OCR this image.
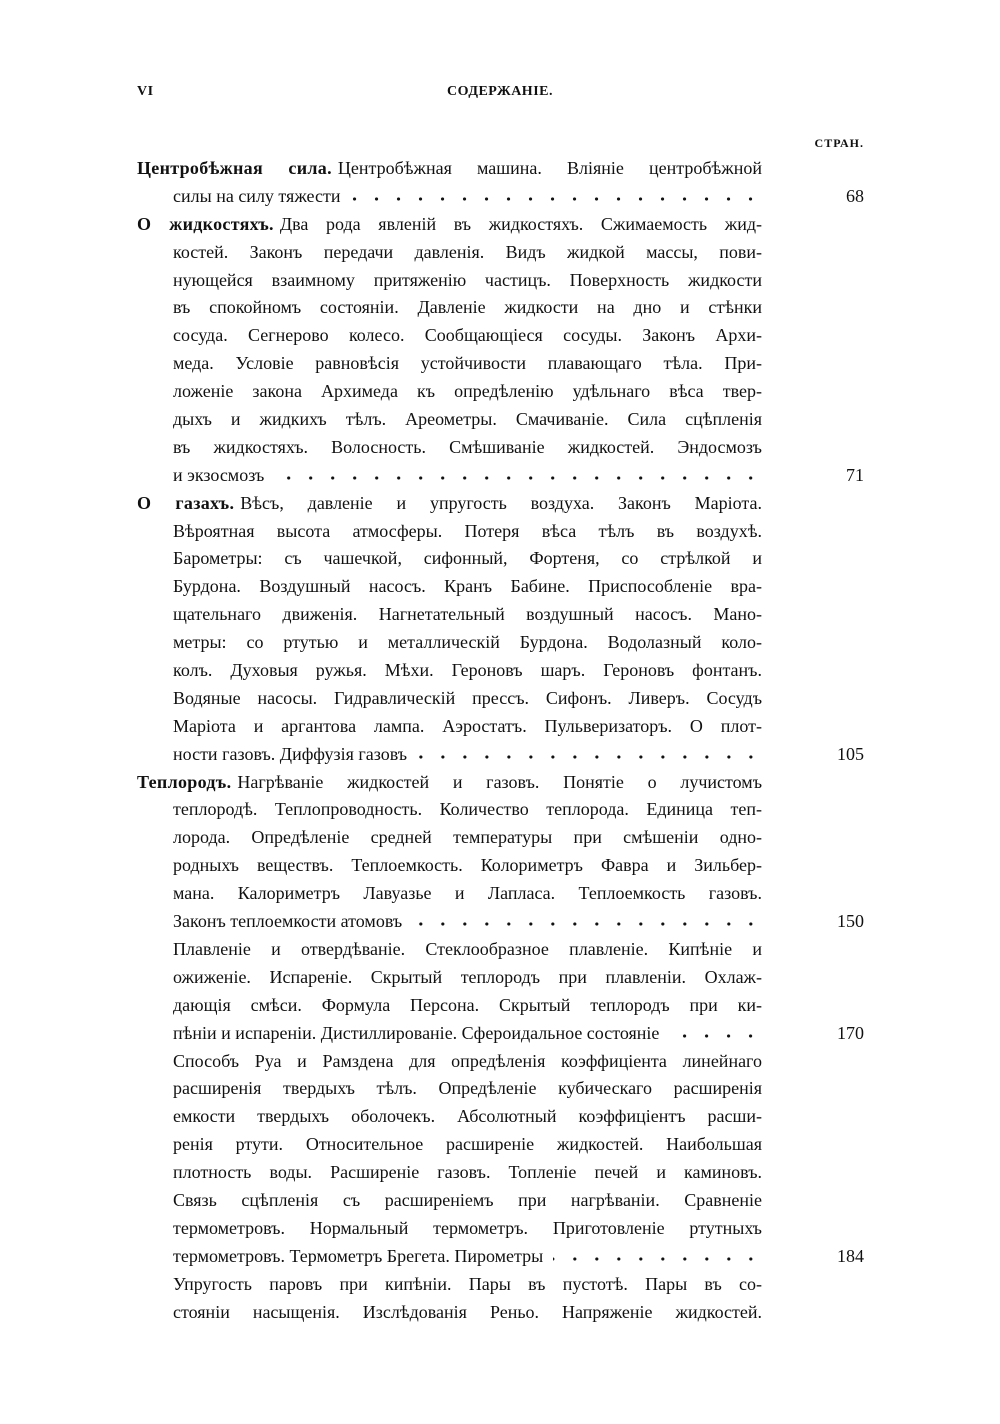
VI	СОДЕРЖАНІЕ.
СТРАН.
Центробѣжная сила. Центробѣжная машина. Вліяніе центробѣжной
силы на силу тяжести	68
О жидкостяхъ. Два рода явленій въ жидкостяхъ. Сжимаемость жид-
костей. Законъ передачи давленія. Видъ жидкой массы, пови-
нующейся взаимному притяженію частицъ. Поверхность жидкости
въ спокойномъ состояніи. Давленіе жидкости на дно и стѣнки
сосуда. Сегнерово колесо. Сообщающіеся сосуды. Законъ Архи-
меда. Условіе равновѣсія устойчивости плавающаго тѣла. При-
ложеніе закона Архимеда къ опредѣленію удѣльнаго вѣса твер-
дыхъ и жидкихъ тѣлъ. Ареометры. Смачиваніе. Сила сцѣпленія
въ жидкостяхъ. Волосность. Смѣшиваніе жидкостей. Эндосмозъ
и экзосмозъ	71
О газахъ. Вѣсъ, давленіе и упругость воздуха. Законъ Маріота.
Вѣроятная высота атмосферы. Потеря вѣса тѣлъ въ воздухѣ.
Барометры: съ чашечкой, сифонный, Фортеня, со стрѣлкой и
Бурдона. Воздушный насосъ. Кранъ Бабине. Приспособленіе вра-
щательнаго движенія. Нагнетательный воздушный насосъ. Мано-
метры: со ртутью и металлическій Бурдона. Водолазный коло-
колъ. Духовыя ружья. Мѣхи. Героновъ шаръ. Героновъ фонтанъ.
Водяные насосы. Гидравлическій прессъ. Сифонъ. Ливеръ. Сосудъ
Маріота и аргантова лампа. Аэростатъ. Пульверизаторъ. О плот-
ности газовъ. Диффузія газовъ	105
Теплородъ. Нагрѣваніе жидкостей и газовъ. Понятіе о лучистомъ
теплородѣ. Теплопроводность. Количество теплорода. Единица теп-
лорода. Опредѣленіе средней температуры при смѣшеніи одно-
родныхъ веществъ. Теплоемкость. Колориметръ Фавра и Зильбер-
мана. Калориметръ Лавуазье и Лапласа. Теплоемкость газовъ.
Законъ теплоемкости атомовъ	150
Плавленіе и отвердѣваніе. Стеклообразное плавленіе. Кипѣніе и
ожиженіе. Испареніе. Скрытый теплородъ при плавленіи. Охлаж-
дающія смѣси. Формула Персона. Скрытый теплородъ при ки-
пѣніи и испареніи. Дистиллированіе. Сфероидальное состояніе	170
Способъ Руа и Рамздена для опредѣленія коэффиціента линейнаго
расширенія твердыхъ тѣлъ. Опредѣленіе кубическаго расширенія
емкости твердыхъ оболочекъ. Абсолютный коэффиціентъ расши-
ренія ртути. Относительное расширеніе жидкостей. Наибольшая
плотность воды. Расширеніе газовъ. Топленіе печей и каминовъ.
Связь сцѣпленія съ расширеніемъ при нагрѣваніи. Сравненіе
термометровъ. Нормальный термометръ. Приготовленіе ртутныхъ
термометровъ. Термометръ Брегета. Пирометры	184
Упругость паровъ при кипѣніи. Пары въ пустотѣ. Пары въ со-
стояніи насыщенія. Изслѣдованія Реньо. Напряженіе жидкостей.
